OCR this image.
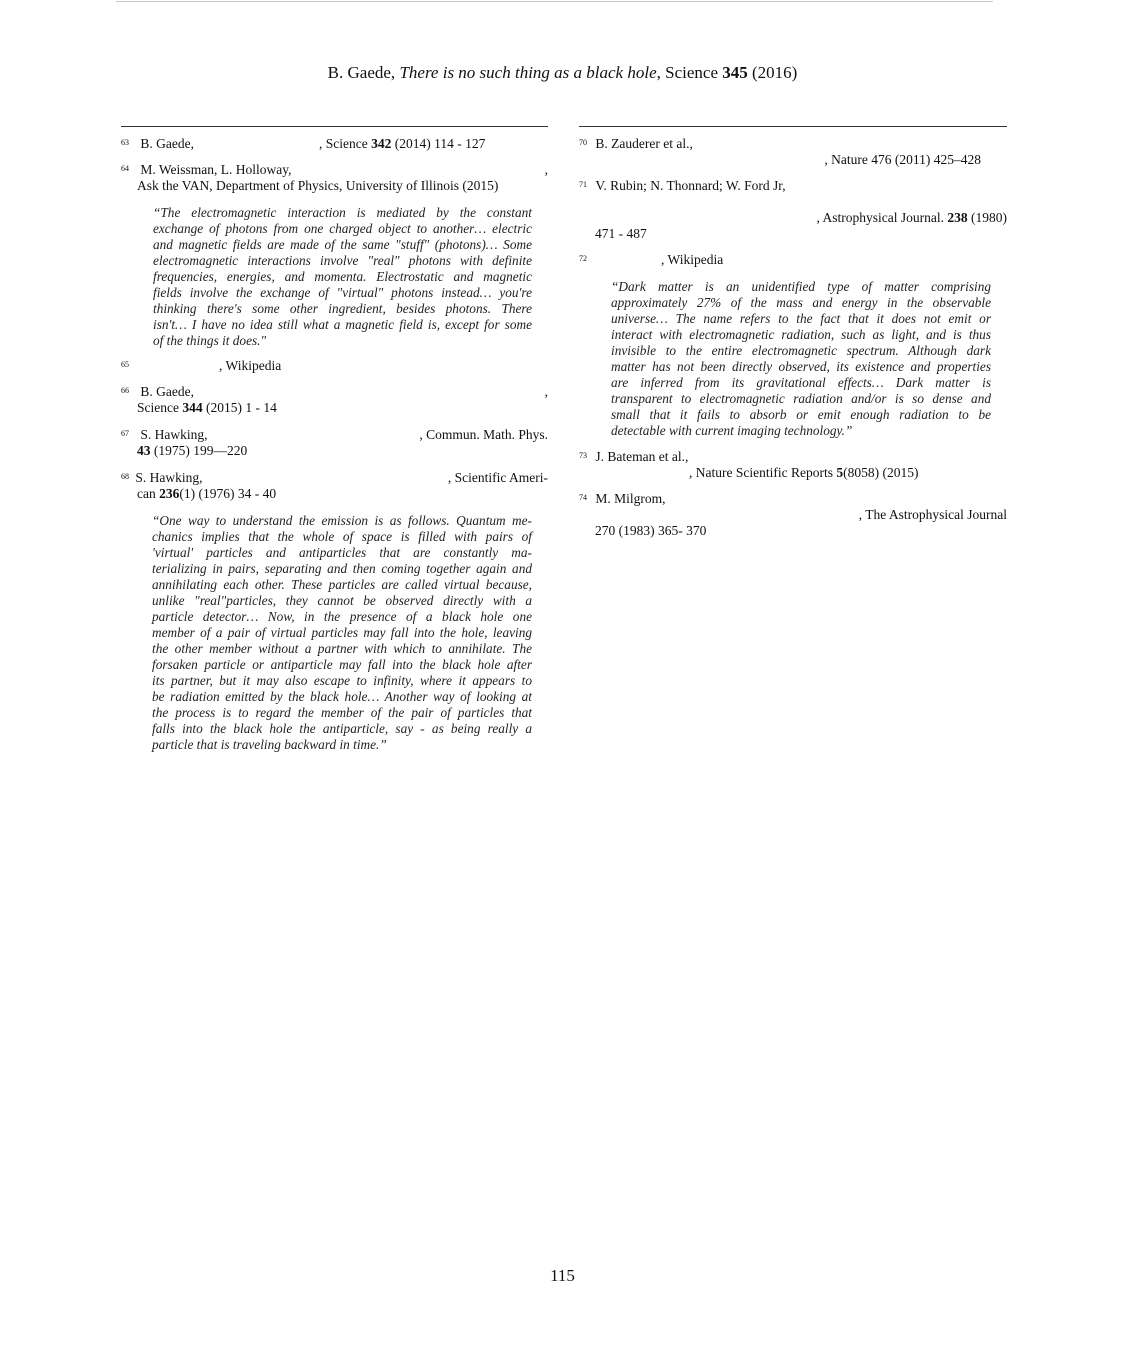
B. Gaede, There is no such thing as a black hole, Science 345 (2016)
$^{63}$ B. Gaede,	, Science 342 (2014) 114 - 127
$^{64}$ M. Weissman, L. Holloway,	,
Ask the VAN, Department of Physics, University of Illinois (2015)
“The electromagnetic interaction is mediated by the constant
exchange of photons from one charged object to another… electric
and magnetic fields are made of the same "stuff" (photons)… Some
electromagnetic interactions involve "real" photons with definite
frequencies, energies, and momenta. Electrostatic and magnetic
fields involve the exchange of "virtual" photons instead… you're
thinking there's some other ingredient, besides photons. There
isn't… I have no idea still what a magnetic field is, except for some
of the things it does."
$^{65}$	, Wikipedia
$^{66}$ B. Gaede,	,
Science 344 (2015) 1 - 14
$^{67}$ S. Hawking,	, Commun. Math. Phys.
43 (1975) 199—220
$^{68}$ S. Hawking,	, Scientific Ameri-
can 236(1) (1976) 34 - 40
“One way to understand the emission is as follows. Quantum me-
chanics implies that the whole of space is filled with pairs of
'virtual' particles and antiparticles that are constantly ma-
terializing in pairs, separating and then coming together again and
annihilating each other. These particles are called virtual because,
unlike "real"particles, they cannot be observed directly with a
particle detector… Now, in the presence of a black hole one
member of a pair of virtual particles may fall into the hole, leaving
the other member without a partner with which to annihilate. The
forsaken particle or antiparticle may fall into the black hole after
its partner, but it may also escape to infinity, where it appears to
be radiation emitted by the black hole… Another way of looking at
the process is to regard the member of the pair of particles that
falls into the black hole the antiparticle, say - as being really a
particle that is traveling backward in time.”
$^{70}$ B. Zauderer et al.,
, Nature 476 (2011) 425–428
$^{71}$ V. Rubin; N. Thonnard; W. Ford Jr,
, Astrophysical Journal. 238 (1980)
471 - 487
$^{72}$	, Wikipedia
“Dark matter is an unidentified type of matter comprising
approximately 27% of the mass and energy in the observable
universe… The name refers to the fact that it does not emit or
interact with electromagnetic radiation, such as light, and is thus
invisible to the entire electromagnetic spectrum. Although dark
matter has not been directly observed, its existence and properties
are inferred from its gravitational effects… Dark matter is
transparent to electromagnetic radiation and/or is so dense and
small that it fails to absorb or emit enough radiation to be
detectable with current imaging technology.”
$^{73}$ J. Bateman et al.,
, Nature Scientific Reports 5(8058) (2015)
$^{74}$ M. Milgrom,
, The Astrophysical Journal
270 (1983) 365- 370
115
